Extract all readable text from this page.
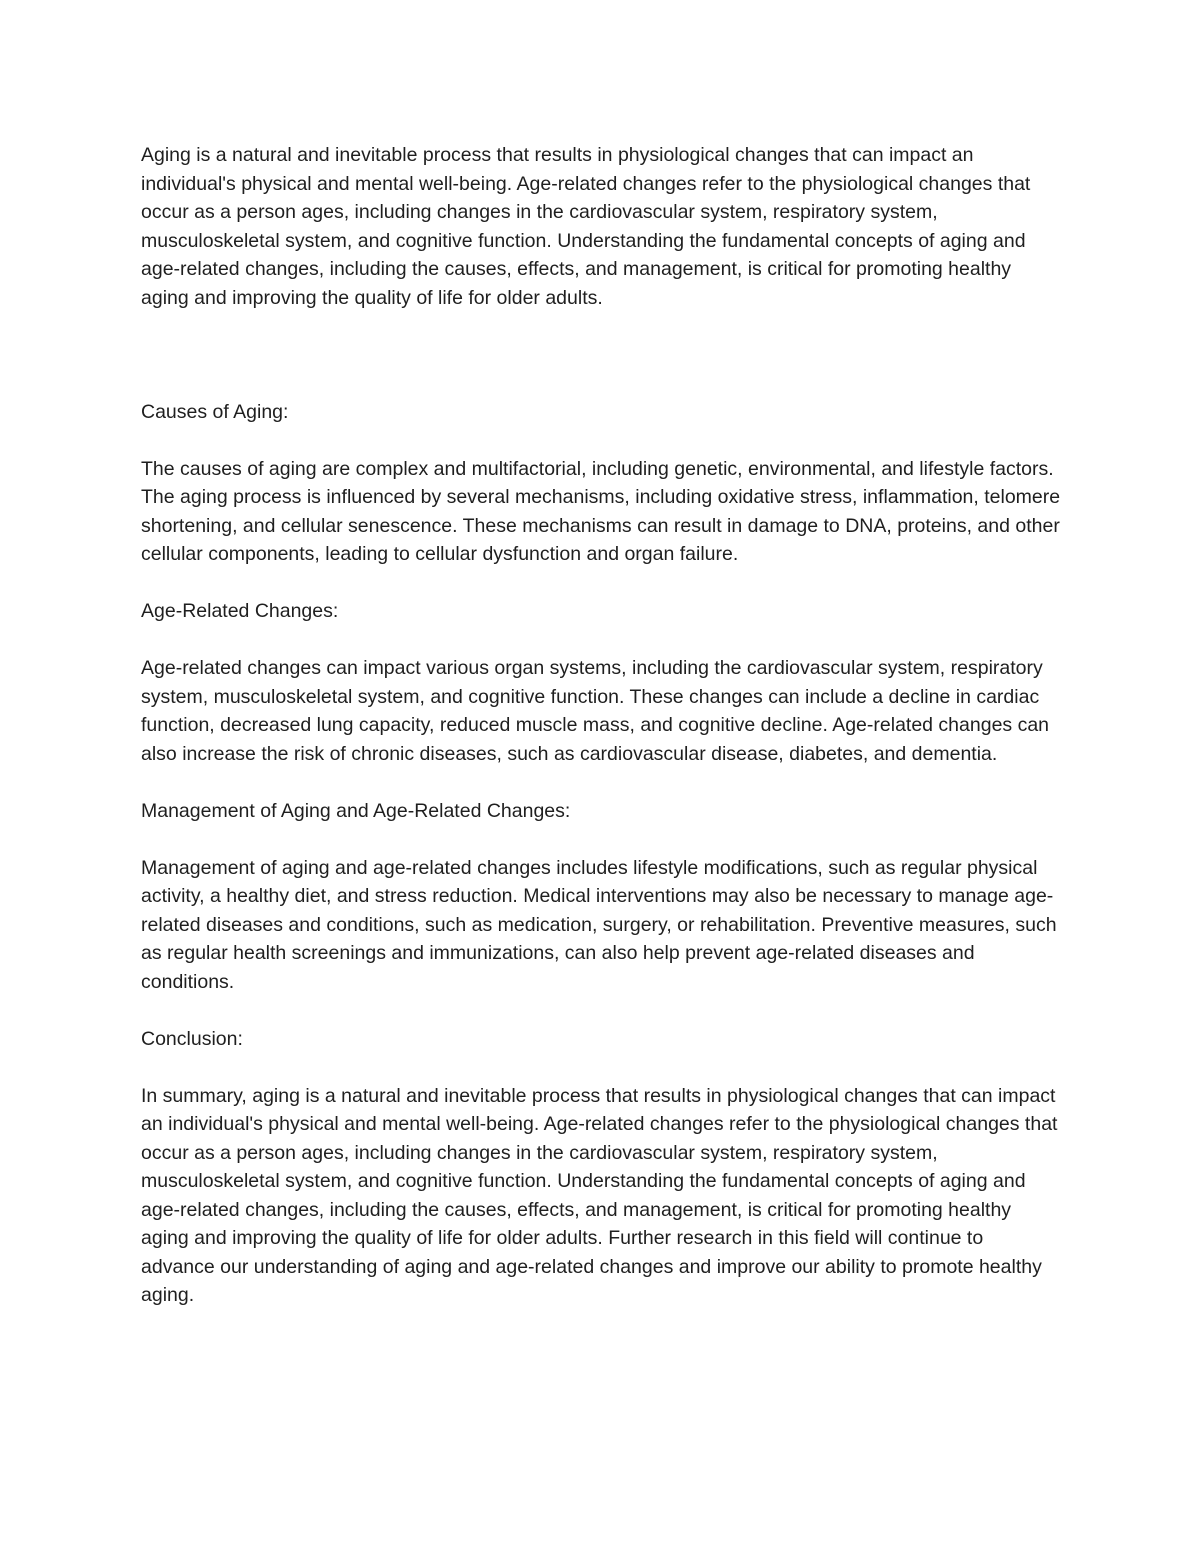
Aging is a natural and inevitable process that results in physiological changes that can impact an individual's physical and mental well-being. Age-related changes refer to the physiological changes that occur as a person ages, including changes in the cardiovascular system, respiratory system, musculoskeletal system, and cognitive function. Understanding the fundamental concepts of aging and age-related changes, including the causes, effects, and management, is critical for promoting healthy aging and improving the quality of life for older adults.

Causes of Aging:

The causes of aging are complex and multifactorial, including genetic, environmental, and lifestyle factors. The aging process is influenced by several mechanisms, including oxidative stress, inflammation, telomere shortening, and cellular senescence. These mechanisms can result in damage to DNA, proteins, and other cellular components, leading to cellular dysfunction and organ failure.

Age-Related Changes:

Age-related changes can impact various organ systems, including the cardiovascular system, respiratory system, musculoskeletal system, and cognitive function. These changes can include a decline in cardiac function, decreased lung capacity, reduced muscle mass, and cognitive decline. Age-related changes can also increase the risk of chronic diseases, such as cardiovascular disease, diabetes, and dementia.

Management of Aging and Age-Related Changes:

Management of aging and age-related changes includes lifestyle modifications, such as regular physical activity, a healthy diet, and stress reduction. Medical interventions may also be necessary to manage age-related diseases and conditions, such as medication, surgery, or rehabilitation. Preventive measures, such as regular health screenings and immunizations, can also help prevent age-related diseases and conditions.

Conclusion:

In summary, aging is a natural and inevitable process that results in physiological changes that can impact an individual's physical and mental well-being. Age-related changes refer to the physiological changes that occur as a person ages, including changes in the cardiovascular system, respiratory system, musculoskeletal system, and cognitive function. Understanding the fundamental concepts of aging and age-related changes, including the causes, effects, and management, is critical for promoting healthy aging and improving the quality of life for older adults. Further research in this field will continue to advance our understanding of aging and age-related changes and improve our ability to promote healthy aging.
